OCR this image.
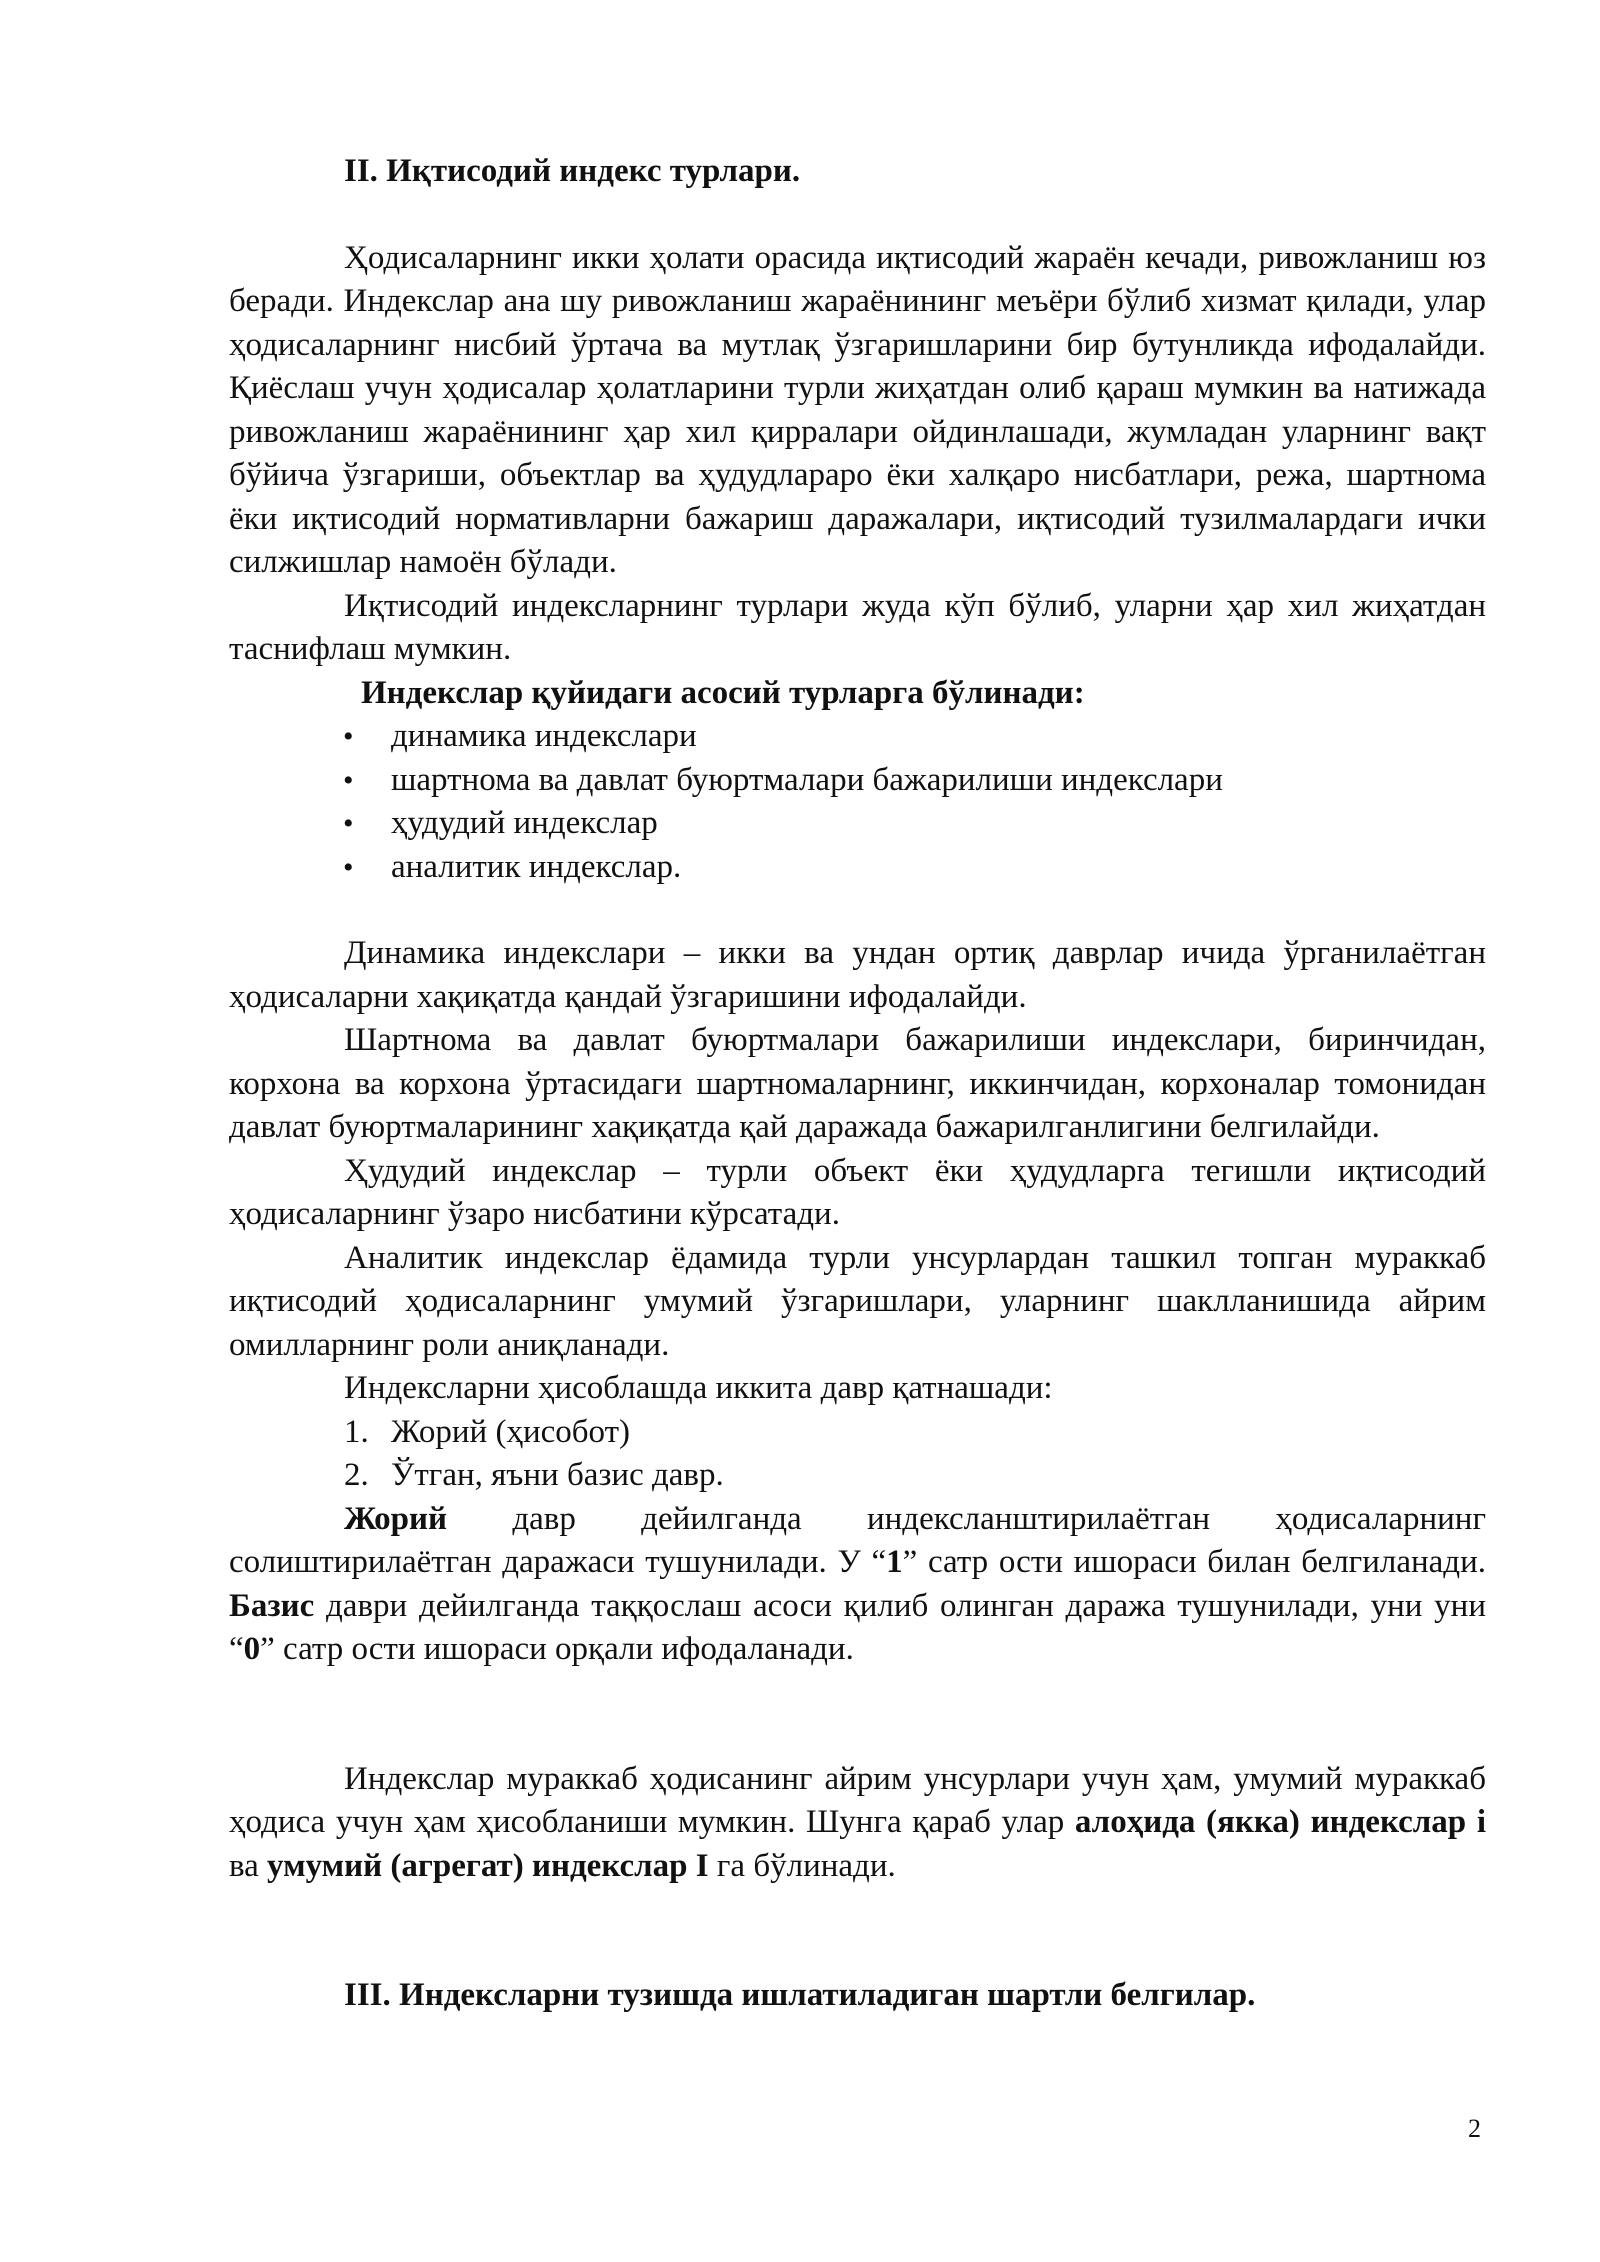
II. Иқтисодий индекс турлари.

Ҳодисаларнинг икки ҳолати орасида иқтисодий жараён кечади, ривожланиш юз беради. Индекслар ана шу ривожланиш жараёнининг меъёри бўлиб хизмат қилади, улар ҳодисаларнинг нисбий ўртача ва мутлақ ўзгаришларини бир бутунликда ифодалайди. Қиёслаш учун ҳодисалар ҳолатларини турли жиҳатдан олиб қараш мумкин ва натижада ривожланиш жараёнининг ҳар хил қирралари ойдинлашади, жумладан уларнинг вақт бўйича ўзгариши, объектлар ва ҳудудлараро ёки халқаро нисбатлари, режа, шартнома ёки иқтисодий нормативларни бажариш даражалари, иқтисодий тузилмалардаги ички силжишлар намоён бўлади.

Иқтисодий индексларнинг турлари жуда кўп бўлиб, уларни ҳар хил жиҳатдан таснифлаш мумкин.

Индекслар қуйидаги асосий турларга бўлинади:

• динамика индекслари
• шартнома ва давлат буюртмалари бажарилиши индекслари
• ҳудудий индекслар
• аналитик индекслар.

Динамика индекслари – икки ва ундан ортиқ даврлар ичида ўрганилаётган ҳодисаларни хақиқатда қандай ўзгаришини ифодалайди.

Шартнома ва давлат буюртмалари бажарилиши индекслари, биринчидан, корхона ва корхона ўртасидаги шартномаларнинг, иккинчидан, корхоналар томонидан давлат буюртмаларининг хақиқатда қай даражада бажарилганлигини белгилайди.

Ҳудудий индекслар – турли объект ёки ҳудудларга тегишли иқтисодий ҳодисаларнинг ўзаро нисбатини кўрсатади.

Аналитик индекслар ёдамида турли унсурлардан ташкил топган мураккаб иқтисодий ҳодисаларнинг умумий ўзгаришлари, уларнинг шаклланишида айрим омилларнинг роли аниқланади.

Индексларни ҳисоблашда иккита давр қатнашади:

1. Жорий (ҳисобот)
2. Ўтган, яъни базис давр.

Жорий давр дейилганда индексланштирилаётган ҳодисаларнинг солиштирилаётган даражаси тушунилади. У “1” сатр ости ишораси билан белгиланади. Базис даври дейилганда таққослаш асоси қилиб олинган даража тушунилади, уни уни “0” сатр ости ишораси орқали ифодаланади.

Индекслар мураккаб ҳодисанинг айрим унсурлари учун ҳам, умумий мураккаб ҳодиса учун ҳам ҳисобланиши мумкин. Шунга қараб улар алоҳида (якка) индекслар i ва умумий (агрегат) индекслар I га бўлинади.

III. Индексларни тузишда ишлатиладиган шартли белгилар.

2
